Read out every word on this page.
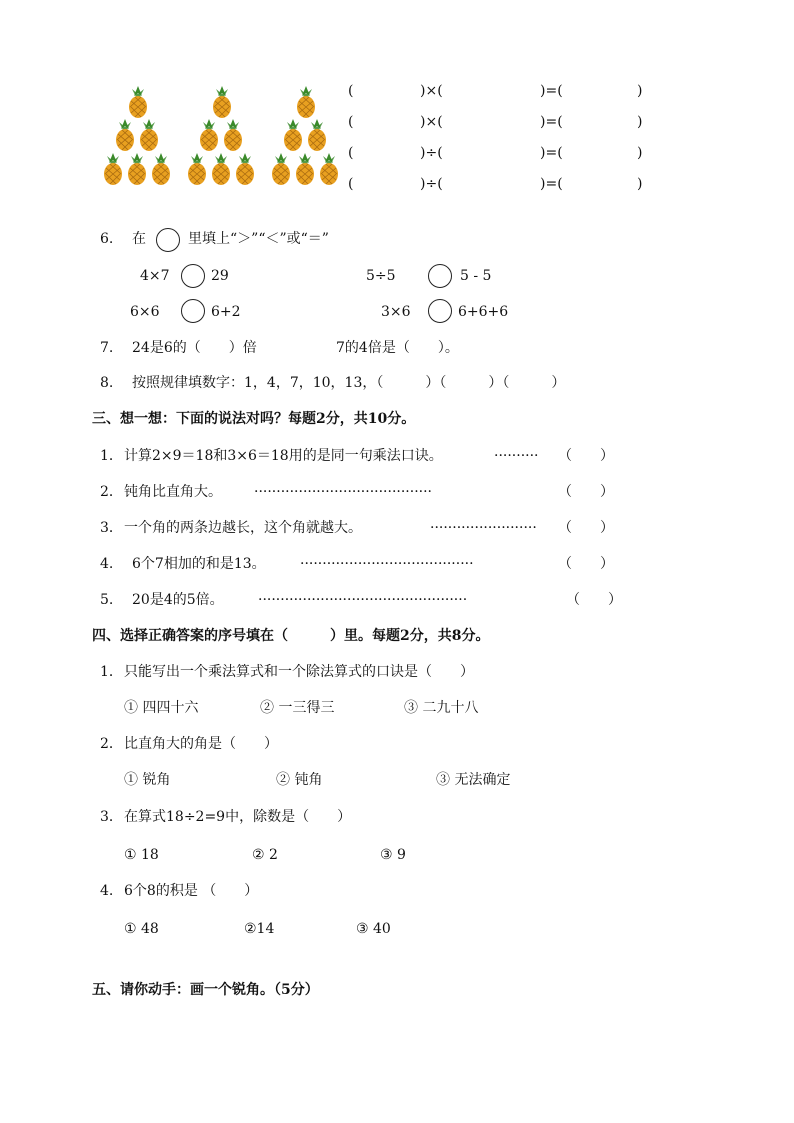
(	)×(	)=(	)
(	)×(	)=(	)
(	)÷(	)=(	)
(	)÷(	)=(	)
6. 在	里填上“＞”“＜”或“＝”
4×7	29	5÷5	5 - 5
6×6	6+2	3×6	6+6+6
7. 24是6的（　　）倍	7的4倍是（　　）。
8. 按照规律填数字：1，4，7，10，13，（　　　）（　　　）（　　　）
三、想一想：下面的说法对吗？每题2分，共10分。
1． 计算2×9＝18和3×6＝18用的是同一句乘法口诀。	·········· （　　）
2． 钝角比直角大。 ········································	（　　）
3． 一个角的两条边越长，这个角就越大。	························ （　　）
4. 6个7相加的和是13。 ·······································	（　　）
5. 20是4的5倍。 ···············································	（　　）
四、选择正确答案的序号填在（　　　）里。每题2分，共8分。
1． 只能写出一个乘法算式和一个除法算式的口诀是（　　）
① 四四十六	② 一三得三	③ 二九十八
2． 比直角大的角是（　　）
① 锐角	② 钝角	③ 无法确定
3． 在算式18÷2=9中，除数是（　　）
① 18	② 2	③ 9
4. 6个8的积是 （　　）
① 48	②14	③ 40
五、请你动手：画一个锐角。（5分）
